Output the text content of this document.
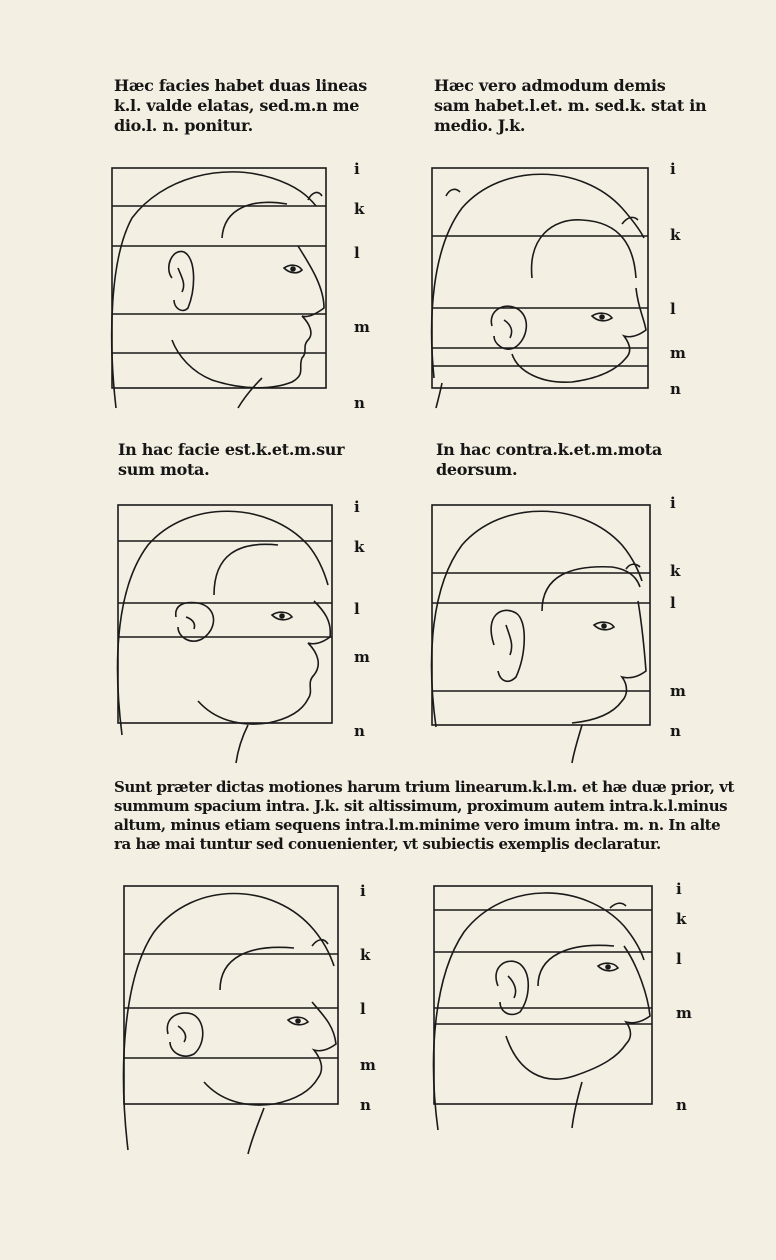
Hæc facies habet duas lineas
k.l. valde elatas, sed.m.n me
dio.l. n. ponitur.
Hæc vero admodum demis
sam habet.l.et. m. sed.k. stat in
medio. J.k.
In hac facie est.k.et.m.sur
sum mota.
In hac contra.k.et.m.mota
deorsum.
Sunt præter dictas motiones harum trium linearum.k.l.m. et hæ duæ prior, vt
summum spacium intra. J.k. sit altissimum, proximum autem intra.k.l.minus
altum, minus etiam sequens intra.l.m.minime vero imum intra. m. n. In alte
ra hæ mai tuntur sed conuenienter, vt subiectis exemplis declaratur.
i
k
l
m
n
i
k
l
m
n
i
k
l
m
n
i
k
l
m
n
i
k
l
m
n
i
k
l
m
n
